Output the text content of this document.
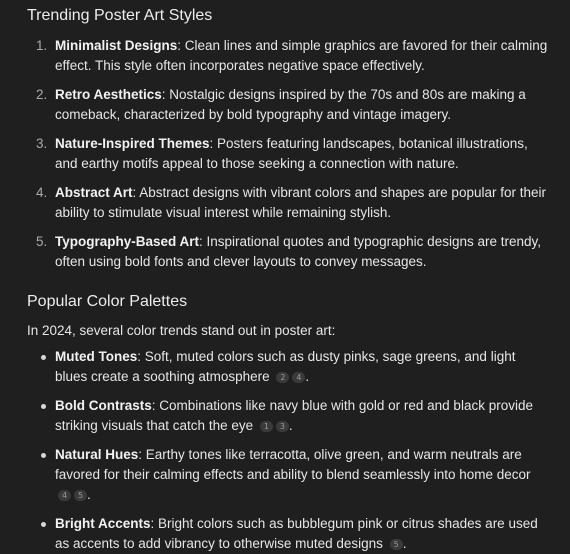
Trending Poster Art Styles
1. Minimalist Designs: Clean lines and simple graphics are favored for their calming effect. This style often incorporates negative space effectively.
2. Retro Aesthetics: Nostalgic designs inspired by the 70s and 80s are making a comeback, characterized by bold typography and vintage imagery.
3. Nature-Inspired Themes: Posters featuring landscapes, botanical illustrations, and earthy motifs appeal to those seeking a connection with nature.
4. Abstract Art: Abstract designs with vibrant colors and shapes are popular for their ability to stimulate visual interest while remaining stylish.
5. Typography-Based Art: Inspirational quotes and typographic designs are trendy, often using bold fonts and clever layouts to convey messages.
Popular Color Palettes

In 2024, several color trends stand out in poster art:

Muted Tones: Soft, muted colors such as dusty pinks, sage greens, and light blues create a soothing atmosphere 2 4 .
Bold Contrasts: Combinations like navy blue with gold or red and black provide striking visuals that catch the eye 1 3 .
Natural Hues: Earthy tones like terracotta, olive green, and warm neutrals are favored for their calming effects and ability to blend seamlessly into home decor 4 5 .
Bright Accents: Bright colors such as bubblegum pink or citrus shades are used as accents to add vibrancy to otherwise muted designs 5 .
